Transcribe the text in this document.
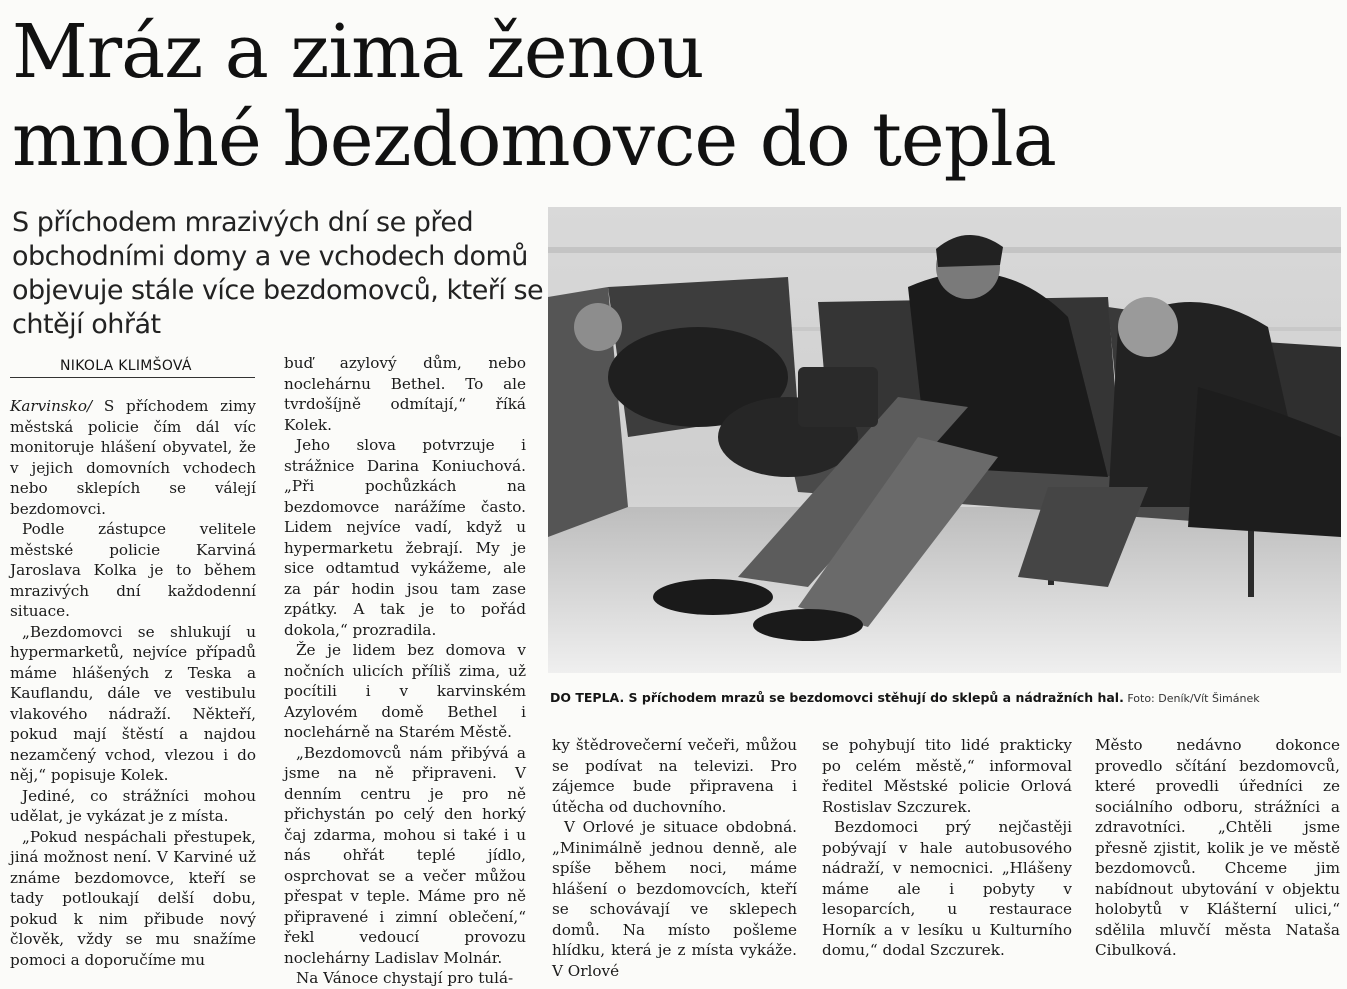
Mráz a zima ženou
mnohé bezdomovce do tepla
S příchodem mrazivých dní se před
obchodními domy a ve vchodech domů
objevuje stále více bezdomovců, kteří se
chtějí ohřát
NIKOLA KLIMŠOVÁ

Karvinsko/ S příchodem zimy městská policie čím dál víc monitoruje hlášení obyvatel, že v jejich domovních vchodech nebo sklepích se válejí bezdomovci.

Podle zástupce velitele městské policie Karviná Jaroslava Kolka je to během mrazivých dní každodenní situace.

„Bezdomovci se shlukují u hypermarketů, nejvíce případů máme hlášených z Teska a Kauflandu, dále ve vestibulu vlakového nádraží. Někteří, pokud mají štěstí a najdou nezamčený vchod, vlezou i do něj,“ popisuje Kolek.

Jediné, co strážníci mohou udělat, je vykázat je z místa.

„Pokud nespáchali přestupek, jiná možnost není. V Karviné už známe bezdomovce, kteří se tady potloukají delší dobu, pokud k nim přibude nový člověk, vždy se mu snažíme pomoci a doporučíme mu

buď azylový dům, nebo noclehárnu Bethel. To ale tvrdošíjně odmítají,“ říká Kolek.

Jeho slova potvrzuje i strážnice Darina Koniuchová. „Při pochůzkách na bezdomovce narážíme často. Lidem nejvíce vadí, když u hypermarketu žebrají. My je sice odtamtud vykážeme, ale za pár hodin jsou tam zase zpátky. A tak je to pořád dokola,“ prozradila.

Že je lidem bez domova v nočních ulicích příliš zima, už pocítili i v karvinském Azylovém domě Bethel i noclehárně na Starém Městě.

„Bezdomovců nám přibývá a jsme na ně připraveni. V denním centru je pro ně přichystán po celý den horký čaj zdarma, mohou si také i u nás ohřát teplé jídlo, osprchovat se a večer můžou přespat v teple. Máme pro ně připravené i zimní oblečení,“ řekl vedoucí provozu noclehárny Ladislav Molnár.

Na Vánoce chystají pro tulá-

DO TEPLA. S příchodem mrazů se bezdomovci stěhují do sklepů a nádražních hal. Foto: Deník/Vít Šimánek

ky štědrovečerní večeři, můžou se podívat na televizi. Pro zájemce bude připravena i útěcha od duchovního.

V Orlové je situace obdobná. „Minimálně jednou denně, ale spíše během noci, máme hlášení o bezdomovcích, kteří se schovávají ve sklepech domů. Na místo pošleme hlídku, která je z místa vykáže. V Orlové

se pohybují tito lidé prakticky po celém městě,“ informoval ředitel Městské policie Orlová Rostislav Szczurek.

Bezdomoci prý nejčastěji pobývají v hale autobusového nádraží, v nemocnici. „Hlášeny máme ale i pobyty v lesoparcích, u restaurace Horník a v lesíku u Kulturního domu,“ dodal Szczurek.

Město nedávno dokonce provedlo sčítání bezdomovců, které provedli úředníci ze sociálního odboru, strážníci a zdravotníci. „Chtěli jsme přesně zjistit, kolik je ve městě bezdomovců. Chceme jim nabídnout ubytování v objektu holobytů v Klášterní ulici,“ sdělila mluvčí města Nataša Cibulková.
